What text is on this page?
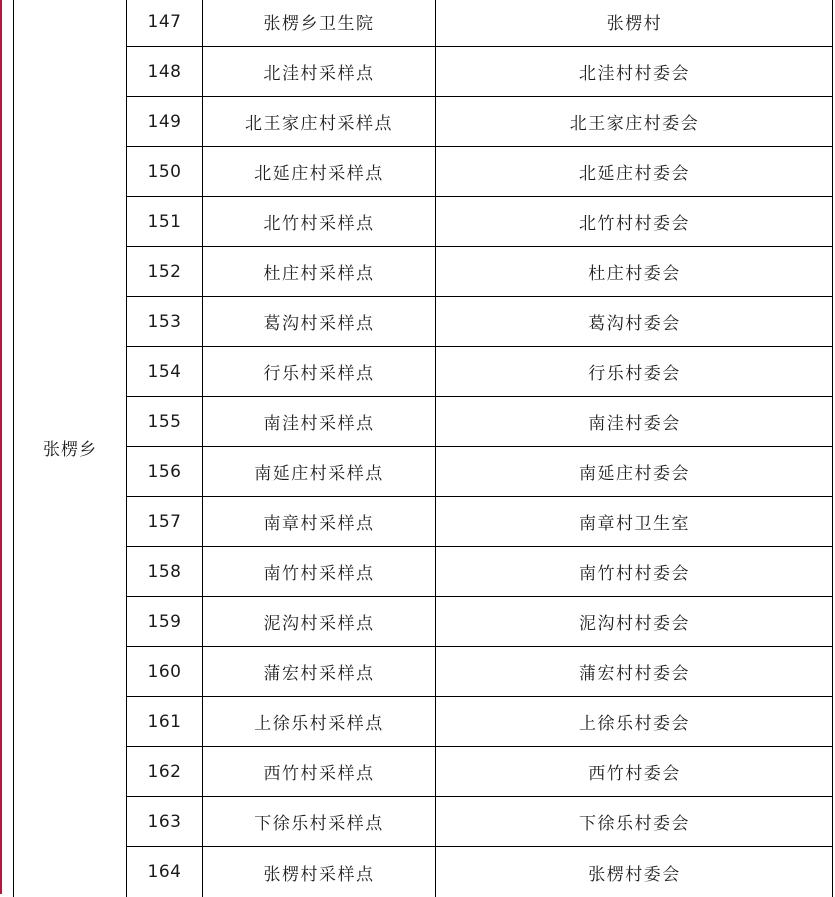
张楞乡
147	张楞乡卫生院	张楞村
148	北洼村采样点	北洼村村委会
149	北王家庄村采样点	北王家庄村委会
150	北延庄村采样点	北延庄村委会
151	北竹村采样点	北竹村村委会
152	杜庄村采样点	杜庄村委会
153	葛沟村采样点	葛沟村委会
154	行乐村采样点	行乐村委会
155	南洼村采样点	南洼村委会
156	南延庄村采样点	南延庄村委会
157	南章村采样点	南章村卫生室
158	南竹村采样点	南竹村村委会
159	泥沟村采样点	泥沟村村委会
160	蒲宏村采样点	蒲宏村村委会
161	上徐乐村采样点	上徐乐村委会
162	西竹村采样点	西竹村委会
163	下徐乐村采样点	下徐乐村委会
164	张楞村采样点	张楞村委会
